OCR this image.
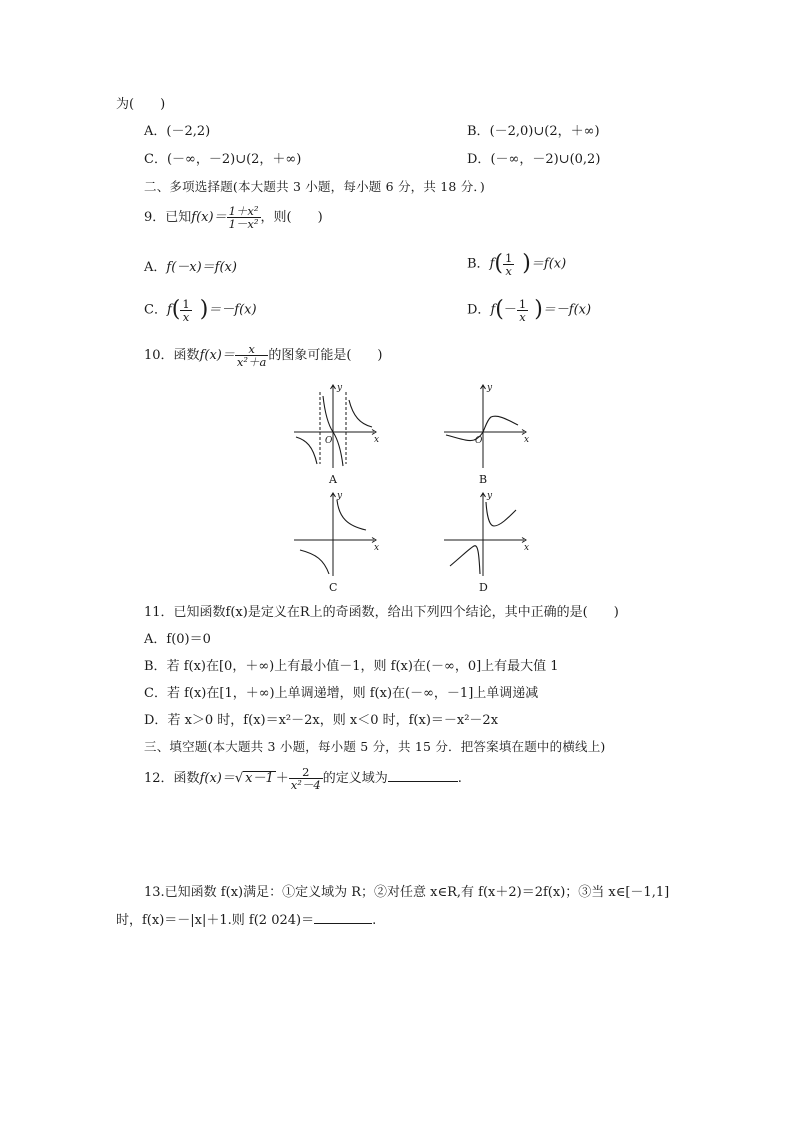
为(　　)
A．(－2,2)	B．(－2,0)∪(2，＋∞)
C．(－∞，－2)∪(2，＋∞)	D．(－∞，－2)∪(0,2)
二、多项选择题(本大题共 3 小题，每小题 6 分，共 18 分．)
9．已知$f(x)= \frac{\text{1＋x²}}{\text{1－x²}}$ ，则(　　)
A．f(－x)＝f(x)	B．$f( \frac{1}{x} )=f(x)$
C．$f( \frac{1}{x} )=-f(x)$	D．$f(- \frac{1}{x} )=-f(x)$
10．函数$f(x)= \frac{x}{\text{x²＋a}}$ 的图象可能是(　　)
y
x
O
A
y
x
O
B
y
x
C
y
x
D
11．已知函数f(x)是定义在R上的奇函数，给出下列四个结论，其中正确的是(　　)
A．f(0)＝0
B．若 f(x)在[0，＋∞)上有最小值－1，则 f(x)在(－∞，0]上有最大值 1
C．若 f(x)在[1，＋∞)上单调递增，则 f(x)在(－∞，－1]上单调递减
D．若 x＞0 时，f(x)＝x²－2x，则 x＜0 时，f(x)＝－x²－2x
三、填空题(本大题共 3 小题，每小题 5 分，共 15 分．把答案填在题中的横线上)
12．函数f(x)＝√ $x-1 + \frac{2}{\text{x²－4}}$ 的定义域为	.
13.已知函数 f(x)满足：①定义域为 R；②对任意 x∈R,有 f(x＋2)＝2f(x)；③当 x∈[－1,1]
时，f(x)＝－|x|＋1.则 f(2 024)＝	.
